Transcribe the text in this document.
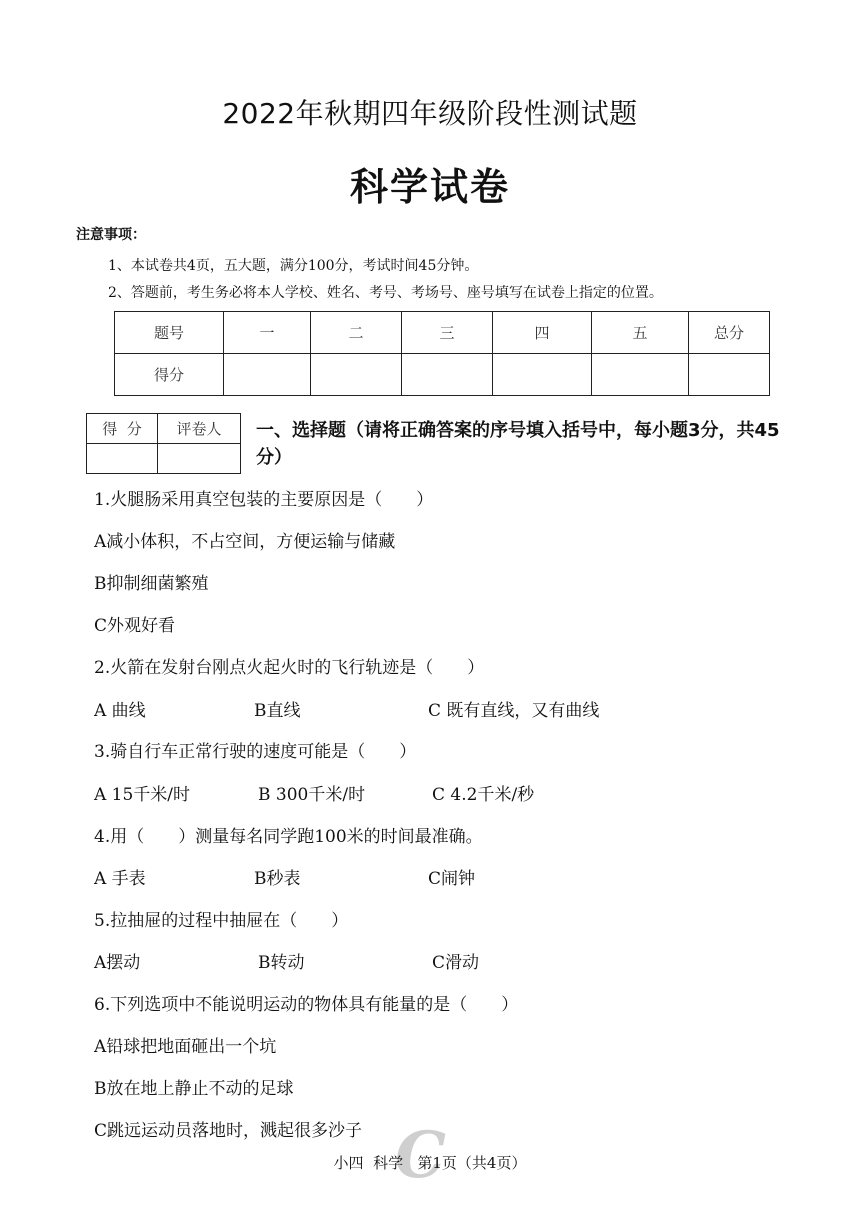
2022年秋期四年级阶段性测试题
科学试卷
注意事项：
1、本试卷共4页，五大题，满分100分，考试时间45分钟。
2、答题前，考生务必将本人学校、姓名、考号、考场号、座号填写在试卷上指定的位置。
题号	一	二	三	四	五	总分
得分						
得  分	评卷人
	一、选择题（请将正确答案的序号填入括号中，每小题3分，共45分）
1.火腿肠采用真空包装的主要原因是（　　）
A减小体积，不占空间，方便运输与储藏
B抑制细菌繁殖
C外观好看
2.火箭在发射台刚点火起火时的飞行轨迹是（　　）
A 曲线	B直线	C 既有直线，又有曲线
3.骑自行车正常行驶的速度可能是（　　）
A 15千米/时	B 300千米/时	C 4.2千米/秒
4.用（　　）测量每名同学跑100米的时间最准确。
A 手表	B秒表	C闹钟
5.拉抽屉的过程中抽屉在（　　）
A摆动	B转动	C滑动
6.下列选项中不能说明运动的物体具有能量的是（　　）
A铅球把地面砸出一个坑
B放在地上静止不动的足球
C跳远运动员落地时，溅起很多沙子 C
小四  科学   第1页（共4页）
